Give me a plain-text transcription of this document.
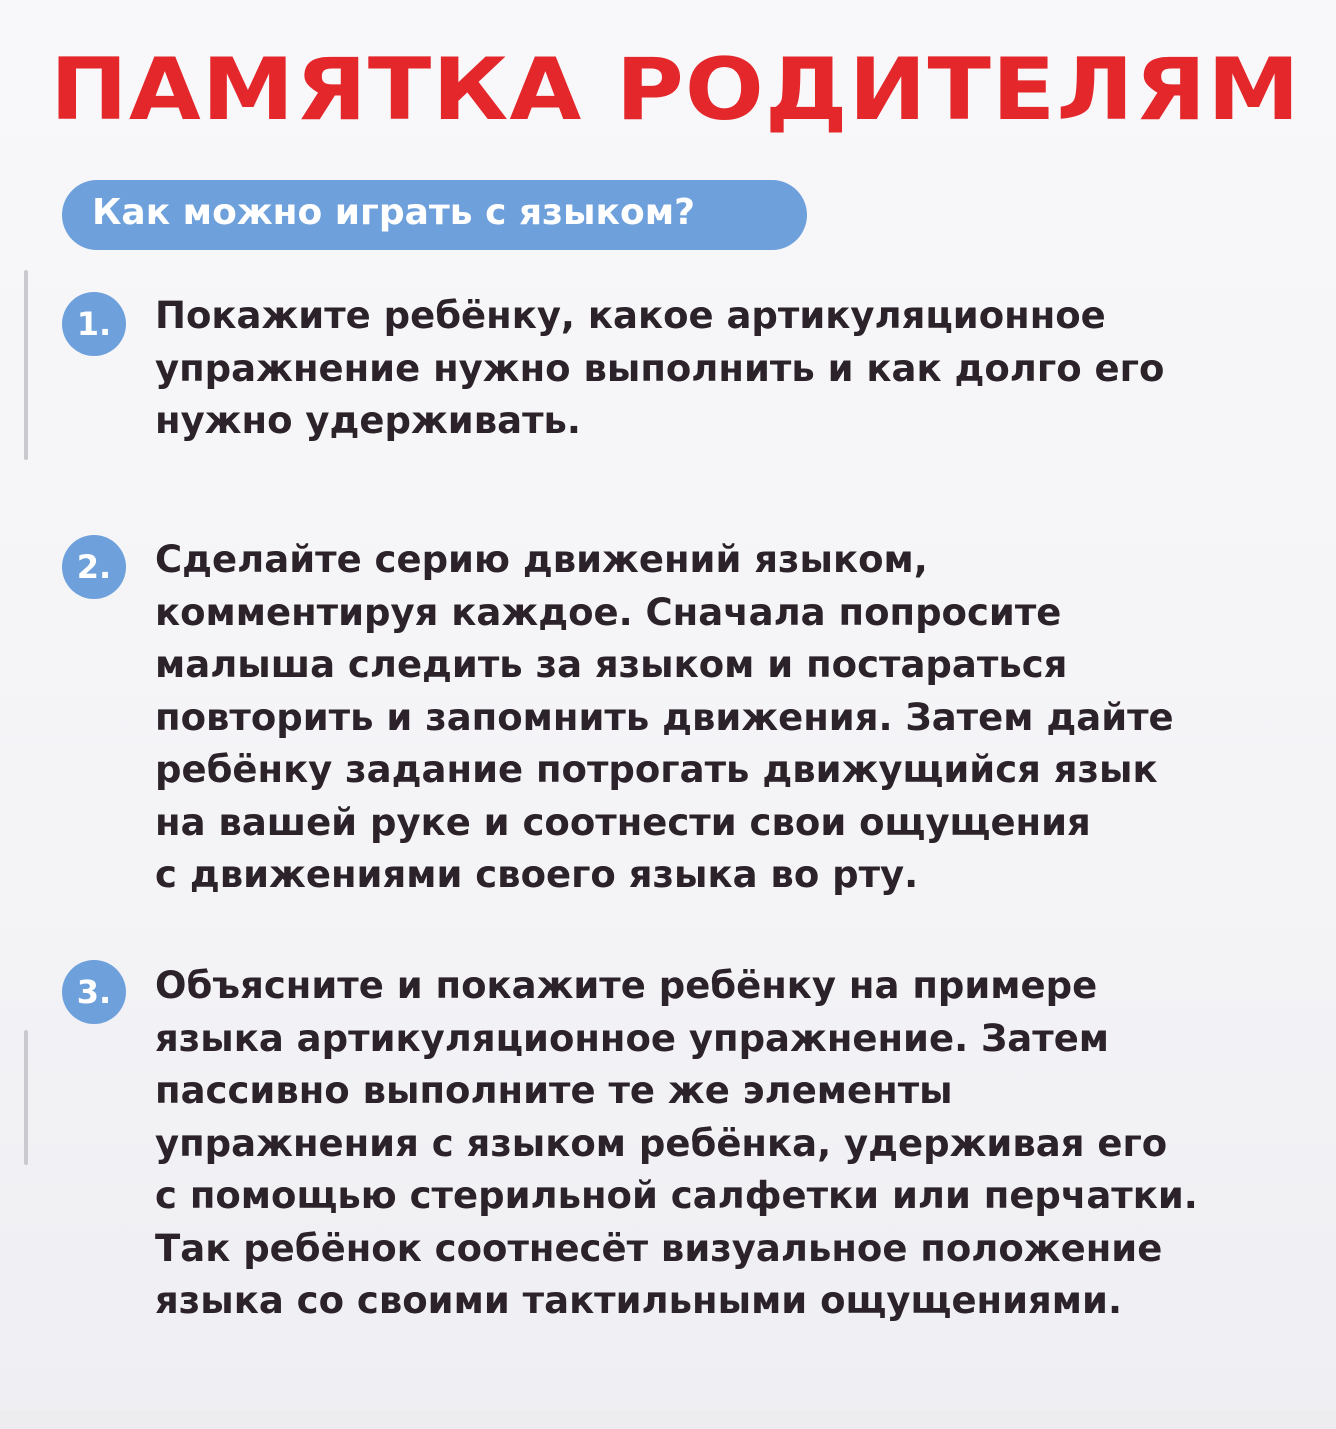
ПАМЯТКА РОДИТЕЛЯМ
Как можно играть с языком?
1.	Покажите ребёнку, какое артикуляционное
упражнение нужно выполнить и как долго его
нужно удерживать.
2.	Сделайте серию движений языком,
комментируя каждое. Сначала попросите
малыша следить за языком и постараться
повторить и запомнить движения. Затем дайте
ребёнку задание потрогать движущийся язык
на вашей руке и соотнести свои ощущения
с движениями своего языка во рту.
3.	Объясните и покажите ребёнку на примере
языка артикуляционное упражнение. Затем
пассивно выполните те же элементы
упражнения с языком ребёнка, удерживая его
с помощью стерильной салфетки или перчатки.
Так ребёнок соотнесёт визуальное положение
языка со своими тактильными ощущениями.
